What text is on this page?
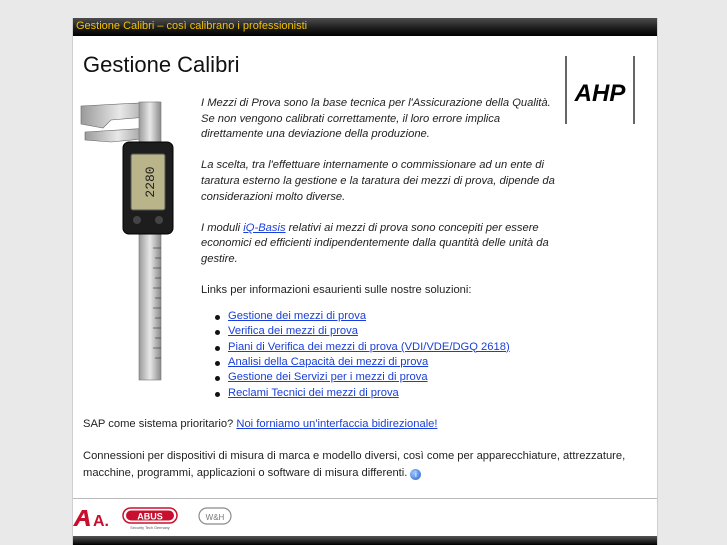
Gestione Calibri – così calibrano i professionisti
Gestione Calibri
AHP
2280

I Mezzi di Prova sono la base tecnica per l'Assicurazione della Qualità. Se non vengono calibrati correttamente, il loro errore implica direttamente una deviazione della produzione.

La scelta, tra l'effettuare internamente o commissionare ad un ente di taratura esterno la gestione e la taratura dei mezzi di prova, dipende da considerazioni molto diverse.

I moduli iQ-Basis relativi ai mezzi di prova sono concepiti per essere economici ed efficienti indipendentemente dalla quantità delle unità da gestire.

Links per informazioni esaurienti sulle nostre soluzioni:

Gestione dei mezzi di prova
Verifica dei mezzi di prova
Piani di Verifica dei mezzi di prova (VDI/VDE/DGQ 2618)
Analisi della Capacità dei mezzi di prova
Gestione dei Servizi per i mezzi di prova
Reclami Tecnici dei mezzi di prova

SAP come sistema prioritario? Noi forniamo un'interfaccia bidirezionale!

Connessioni per dispositivi di misura di marca e modello diversi, così come per apparecchiature, attrezzature, macchine, programmi, applicazioni o software di misura differenti. i

A.	ABUS
Security Tech Germany
W&H
